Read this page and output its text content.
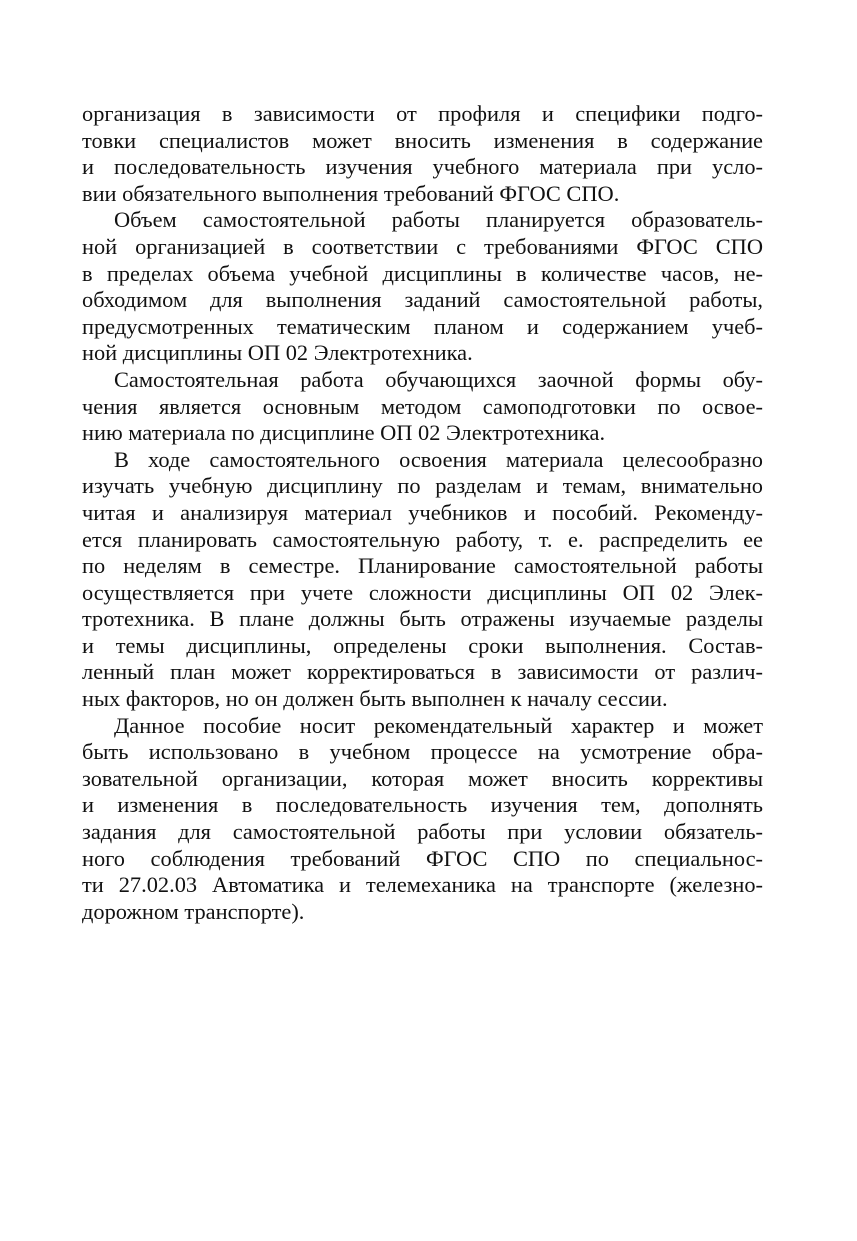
организация в зависимости от профиля и специфики подго-
товки специалистов может вносить изменения в содержание
и последовательность изучения учебного материала при усло-
вии обязательного выполнения требований ФГОС СПО.
Объем самостоятельной работы планируется образователь-
ной организацией в соответствии с требованиями ФГОС СПО
в пределах объема учебной дисциплины в количестве часов, не-
обходимом для выполнения заданий самостоятельной работы,
предусмотренных тематическим планом и содержанием учеб-
ной дисциплины ОП 02 Электротехника.
Самостоятельная работа обучающихся заочной формы обу-
чения является основным методом самоподготовки по освое-
нию материала по дисциплине ОП 02 Электротехника.
В ходе самостоятельного освоения материала целесообразно
изучать учебную дисциплину по разделам и темам, внимательно
читая и анализируя материал учебников и пособий. Рекоменду-
ется планировать самостоятельную работу, т. е. распределить ее
по неделям в семестре. Планирование самостоятельной работы
осуществляется при учете сложности дисциплины ОП 02 Элек-
тротехника. В плане должны быть отражены изучаемые разделы
и темы дисциплины, определены сроки выполнения. Состав-
ленный план может корректироваться в зависимости от различ-
ных факторов, но он должен быть выполнен к началу сессии.
Данное пособие носит рекомендательный характер и может
быть использовано в учебном процессе на усмотрение обра-
зовательной организации, которая может вносить коррективы
и изменения в последовательность изучения тем, дополнять
задания для самостоятельной работы при условии обязатель-
ного соблюдения требований ФГОС СПО по специальнос-
ти 27.02.03 Автоматика и телемеханика на транспорте (железно-
дорожном транспорте).
